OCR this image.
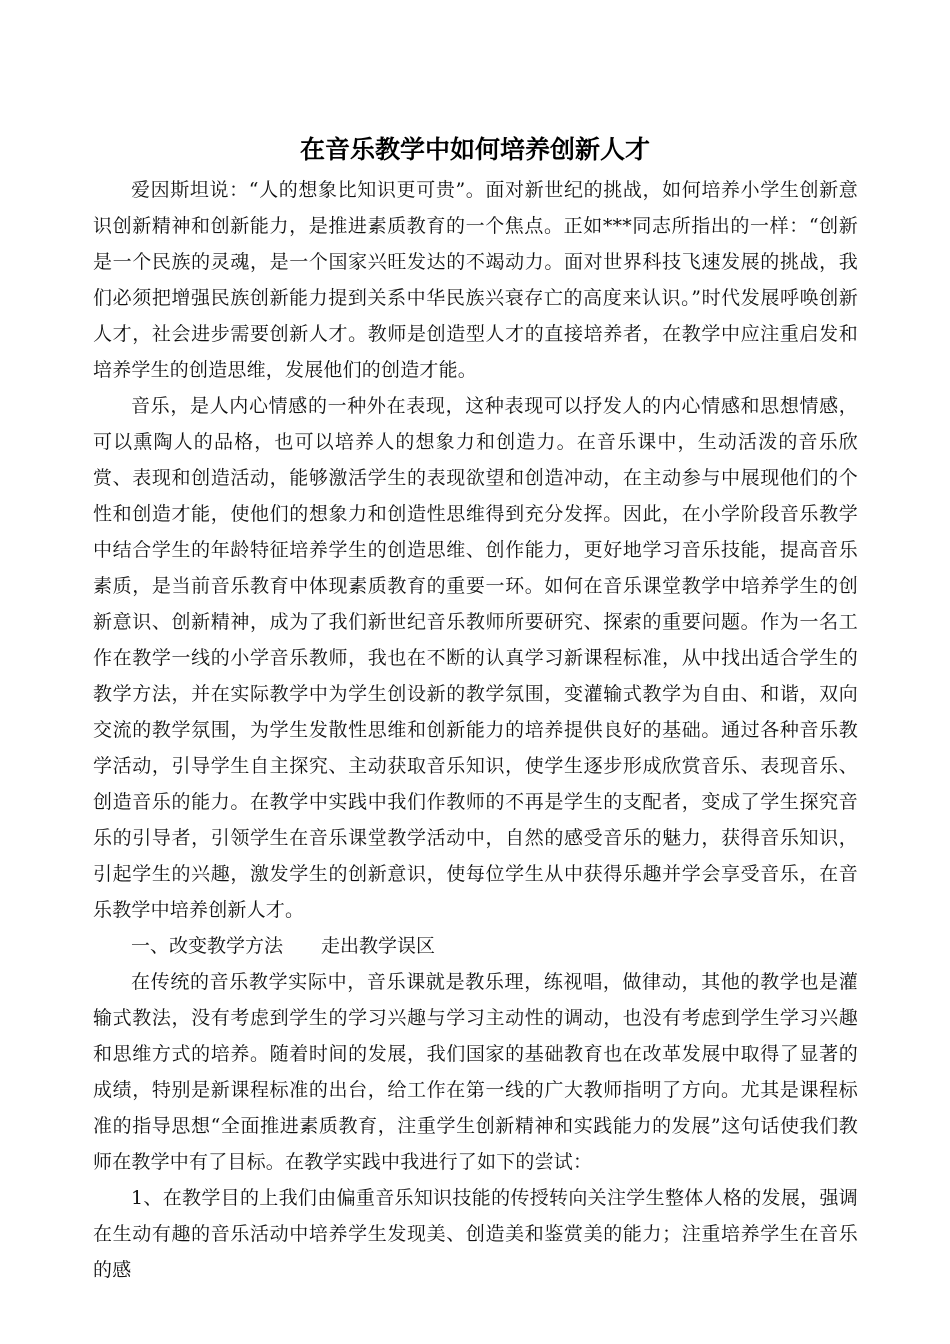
在音乐教学中如何培养创新人才

爱因斯坦说：“人的想象比知识更可贵”。面对新世纪的挑战，如何培养小学生创新意识创新精神和创新能力，是推进素质教育的一个焦点。正如***同志所指出的一样：“创新是一个民族的灵魂，是一个国家兴旺发达的不竭动力。面对世界科技飞速发展的挑战，我们必须把增强民族创新能力提到关系中华民族兴衰存亡的高度来认识。”时代发展呼唤创新人才，社会进步需要创新人才。教师是创造型人才的直接培养者，在教学中应注重启发和培养学生的创造思维，发展他们的创造才能。

音乐，是人内心情感的一种外在表现，这种表现可以抒发人的内心情感和思想情感，可以熏陶人的品格，也可以培养人的想象力和创造力。在音乐课中，生动活泼的音乐欣赏、表现和创造活动，能够激活学生的表现欲望和创造冲动，在主动参与中展现他们的个性和创造才能，使他们的想象力和创造性思维得到充分发挥。因此，在小学阶段音乐教学中结合学生的年龄特征培养学生的创造思维、创作能力，更好地学习音乐技能，提高音乐素质，是当前音乐教育中体现素质教育的重要一环。如何在音乐课堂教学中培养学生的创新意识、创新精神，成为了我们新世纪音乐教师所要研究、探索的重要问题。作为一名工作在教学一线的小学音乐教师，我也在不断的认真学习新课程标准，从中找出适合学生的教学方法，并在实际教学中为学生创设新的教学氛围，变灌输式教学为自由、和谐，双向交流的教学氛围，为学生发散性思维和创新能力的培养提供良好的基础。通过各种音乐教学活动，引导学生自主探究、主动获取音乐知识，使学生逐步形成欣赏音乐、表现音乐、创造音乐的能力。在教学中实践中我们作教师的不再是学生的支配者，变成了学生探究音乐的引导者，引领学生在音乐课堂教学活动中，自然的感受音乐的魅力，获得音乐知识，引起学生的兴趣，激发学生的创新意识，使每位学生从中获得乐趣并学会享受音乐，在音乐教学中培养创新人才。

一、改变教学方法　　走出教学误区

在传统的音乐教学实际中，音乐课就是教乐理，练视唱，做律动，其他的教学也是灌输式教法，没有考虑到学生的学习兴趣与学习主动性的调动，也没有考虑到学生学习兴趣和思维方式的培养。随着时间的发展，我们国家的基础教育也在改革发展中取得了显著的成绩，特别是新课程标准的出台，给工作在第一线的广大教师指明了方向。尤其是课程标准的指导思想“全面推进素质教育，注重学生创新精神和实践能力的发展”这句话使我们教师在教学中有了目标。在教学实践中我进行了如下的尝试：

1、在教学目的上我们由偏重音乐知识技能的传授转向关注学生整体人格的发展，强调在生动有趣的音乐活动中培养学生发现美、创造美和鉴赏美的能力；注重培养学生在音乐的感
